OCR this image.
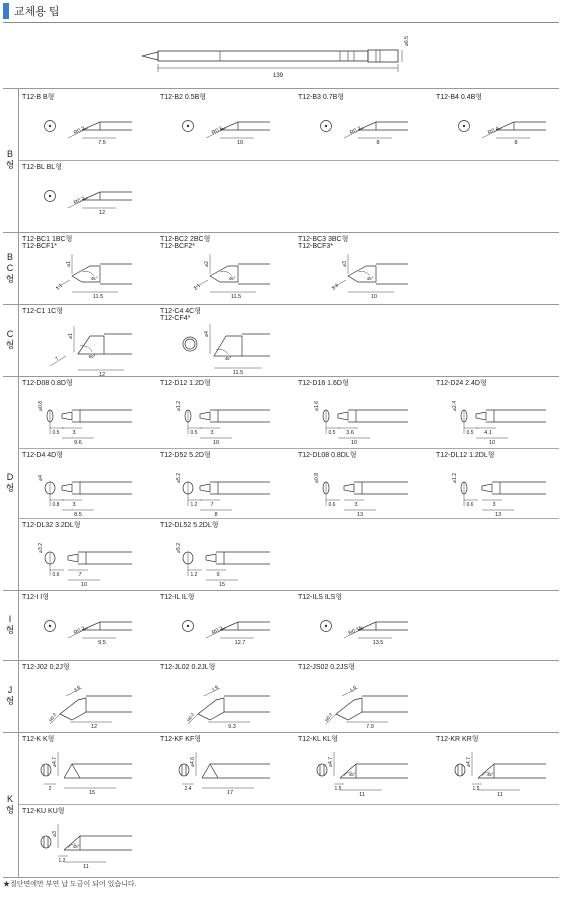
교체용 팁
139
⌀6.5
B
형
B
C
형
C
형
D
형
I
형
J
형
K
형
T12-B B형
R0.2
7.5
T12-B2 0.5B형
R0.5
10
T12-B3 0.7B형
R0.7
8
T12-B4 0.4B형
R0.4
8
T12-BL BL형
R0.2
12
T12-BC1 1BC형
T12-BCF1*
45°
⌀1
1.1
11.5
T12-BC2 2BC형
T12-BCF2*
45°
⌀2
2.1
11.5
T12-BC3 3BC형
T12-BCF3*
45°
⌀3
3.3
10
T12-C1 1C형
60°
⌀1
7
12
T12-C4 4C형
T12-CF4*
45°
⌀4
11.5
T12-D08 0.8D형
⌀0.8
0.5 3
9.6
T12-D12 1.2D형
⌀1.2
0.5 3
10
T12-D16 1.6D형
⌀1.6
0.5 3.6
10
T12-D24 2.4D형
⌀2.4
0.5 4.1
10
T12-D4 4D형
⌀4
0.8 3
8.5
T12-D52 5.2D형
⌀5.2
1.2 7
8
T12-DL08 0.8DL형
⌀0.8
0.6	3
13
T12-DL12 1.2DL형
⌀1.2
0.6	3
13
T12-DL32 3.2DL형
⌀3.2
0.6	7
10
T12-DL52 5.2DL형
⌀5.2
1.2	9
15
T12-I I형
R0.2
9.5
T12-IL IL형
R0.2
12.7
T12-ILS ILS형
R0.15
13.5
T12-J02 0.2J형
3.6
R0.2
12
T12-JL02 0.2JL형
7.9
R0.2
9.3
T12-JS02 0.2JS형
1.6
R0.2
7.9
T12-K K형
⌀4.7
2
15
T12-KF KF형
⌀4.6
2.4
17
T12-KL KL형
⌀4.7
45°
1.5
11
T12-KR KR형
⌀4.7
45°
1.5
11
T12-KU KU형
⌀3
45°
1.2
11
★절단면에만 부연 납 도금이 되어 있습니다.
